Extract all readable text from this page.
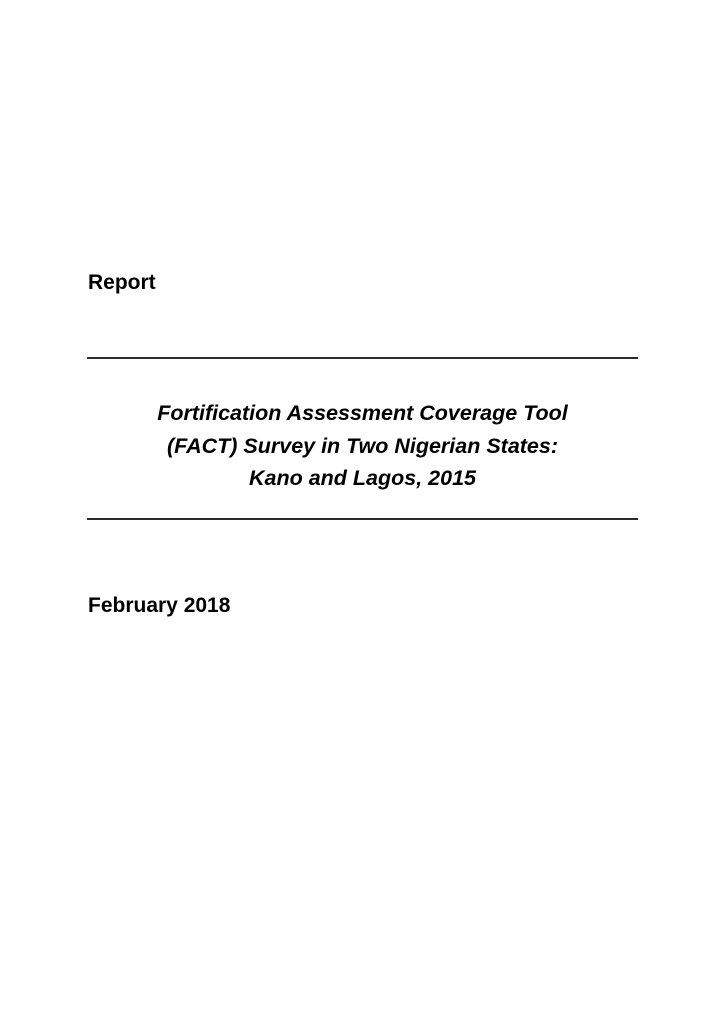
Report
Fortification Assessment Coverage Tool
(FACT) Survey in Two Nigerian States:
Kano and Lagos, 2015
February 2018
